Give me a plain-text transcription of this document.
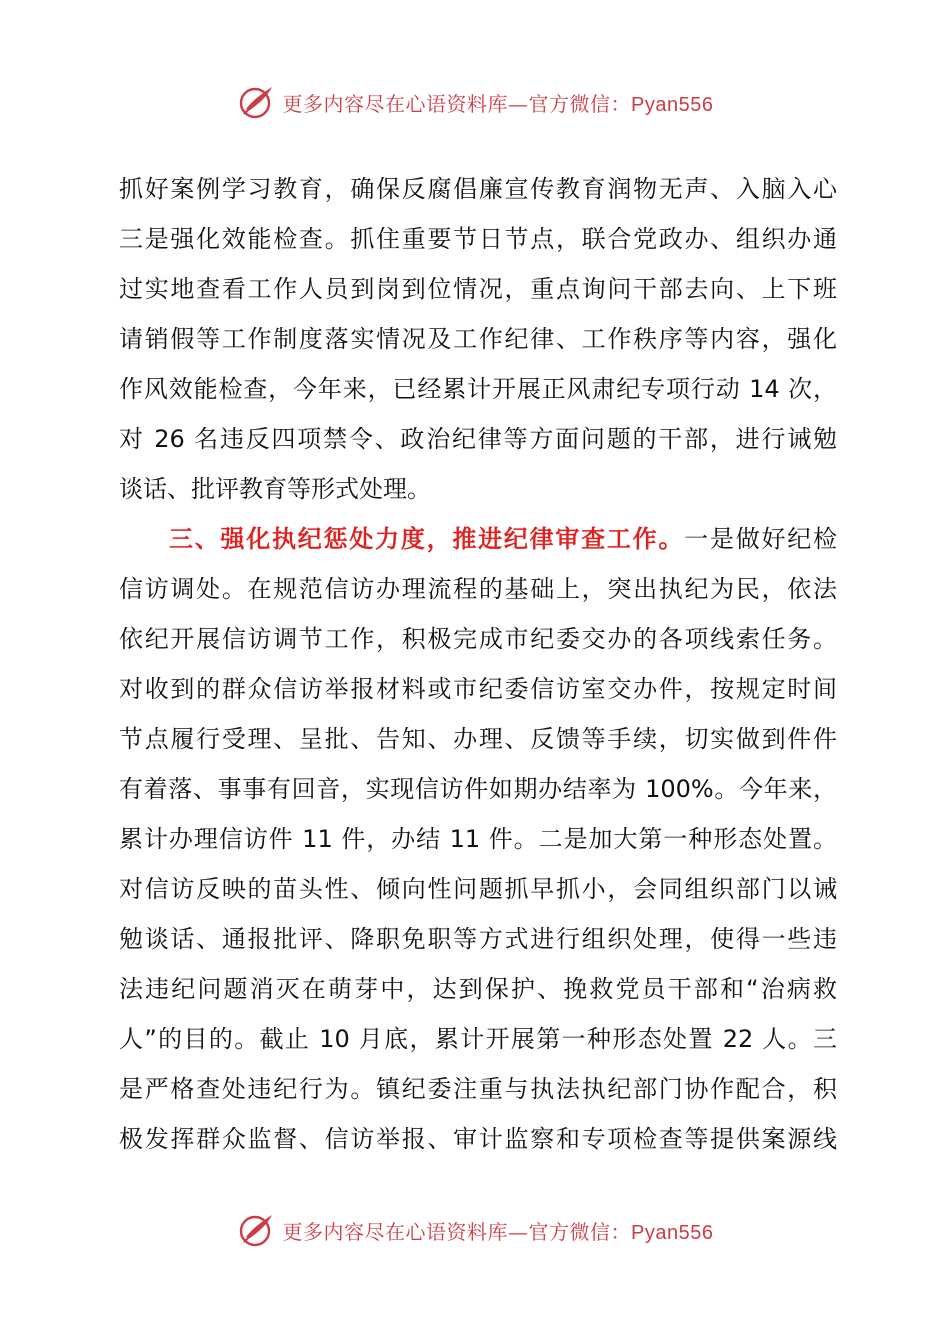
更多内容尽在心语资料库—官方微信：Pyan556
抓好案例学习教育，确保反腐倡廉宣传教育润物无声、入脑入心
三是强化效能检查。抓住重要节日节点，联合党政办、组织办通
过实地查看工作人员到岗到位情况，重点询问干部去向、上下班
请销假等工作制度落实情况及工作纪律、工作秩序等内容，强化
作风效能检查，今年来，已经累计开展正风肃纪专项行动 14 次，
对 26 名违反四项禁令、政治纪律等方面问题的干部，进行诫勉
谈话、批评教育等形式处理。
三、强化执纪惩处力度，推进纪律审查工作。一是做好纪检
信访调处。在规范信访办理流程的基础上，突出执纪为民，依法
依纪开展信访调节工作，积极完成市纪委交办的各项线索任务。
对收到的群众信访举报材料或市纪委信访室交办件，按规定时间
节点履行受理、呈批、告知、办理、反馈等手续，切实做到件件
有着落、事事有回音，实现信访件如期办结率为 100%。今年来，
累计办理信访件 11 件，办结 11 件。二是加大第一种形态处置。
对信访反映的苗头性、倾向性问题抓早抓小，会同组织部门以诫
勉谈话、通报批评、降职免职等方式进行组织处理，使得一些违
法违纪问题消灭在萌芽中，达到保护、挽救党员干部和“治病救
人”的目的。截止 10 月底，累计开展第一种形态处置 22 人。三
是严格查处违纪行为。镇纪委注重与执法执纪部门协作配合，积
极发挥群众监督、信访举报、审计监察和专项检查等提供案源线
更多内容尽在心语资料库—官方微信：Pyan556
